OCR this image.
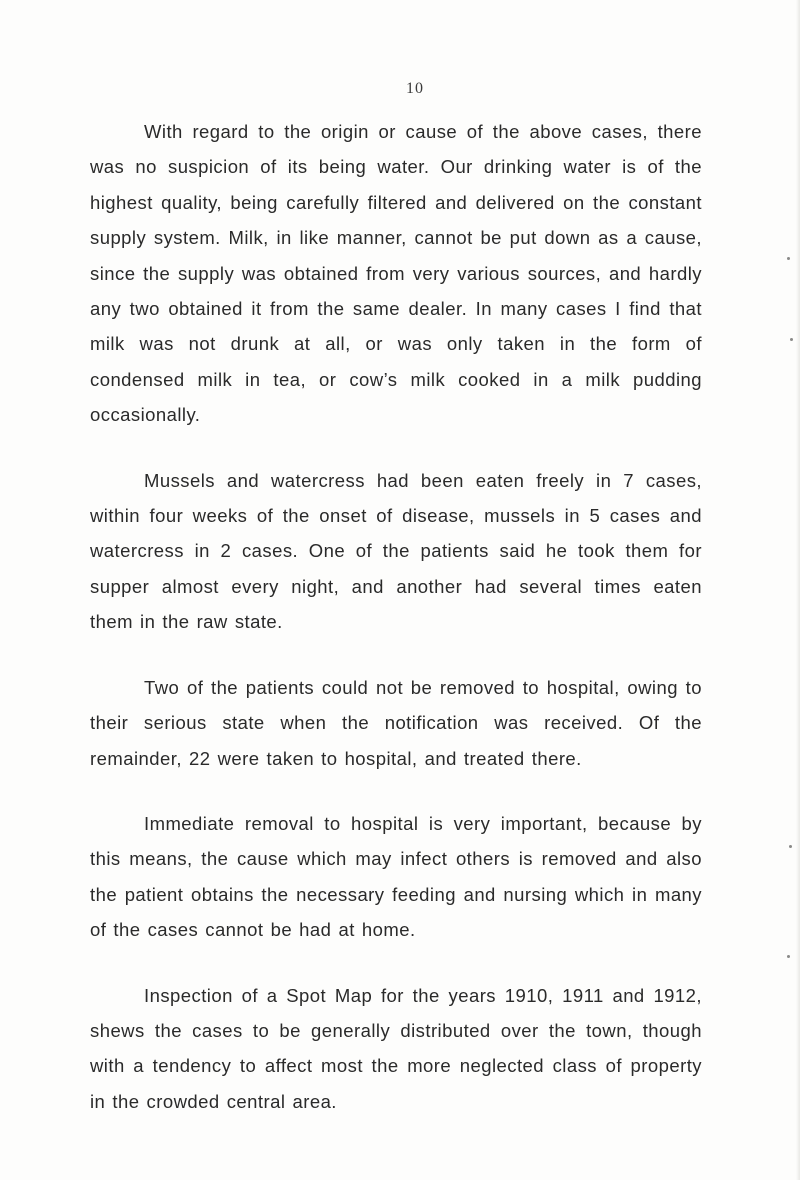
10

With regard to the origin or cause of the above cases, there was no suspicion of its being water. Our drinking water is of the highest quality, being carefully filtered and delivered on the constant supply system. Milk, in like manner, cannot be put down as a cause, since the supply was obtained from very various sources, and hardly any two obtained it from the same dealer. In many cases I find that milk was not drunk at all, or was only taken in the form of condensed milk in tea, or cow’s milk cooked in a milk pudding occasionally.

Mussels and watercress had been eaten freely in 7 cases, within four weeks of the onset of disease, mussels in 5 cases and watercress in 2 cases. One of the patients said he took them for supper almost every night, and another had several times eaten them in the raw state.

Two of the patients could not be removed to hospital, owing to their serious state when the notification was received. Of the remainder, 22 were taken to hospital, and treated there.

Immediate removal to hospital is very important, because by this means, the cause which may infect others is removed and also the patient obtains the necessary feeding and nursing which in many of the cases cannot be had at home.

Inspection of a Spot Map for the years 1910, 1911 and 1912, shews the cases to be generally distributed over the town, though with a tendency to affect most the more neglected class of property in the crowded central area.
